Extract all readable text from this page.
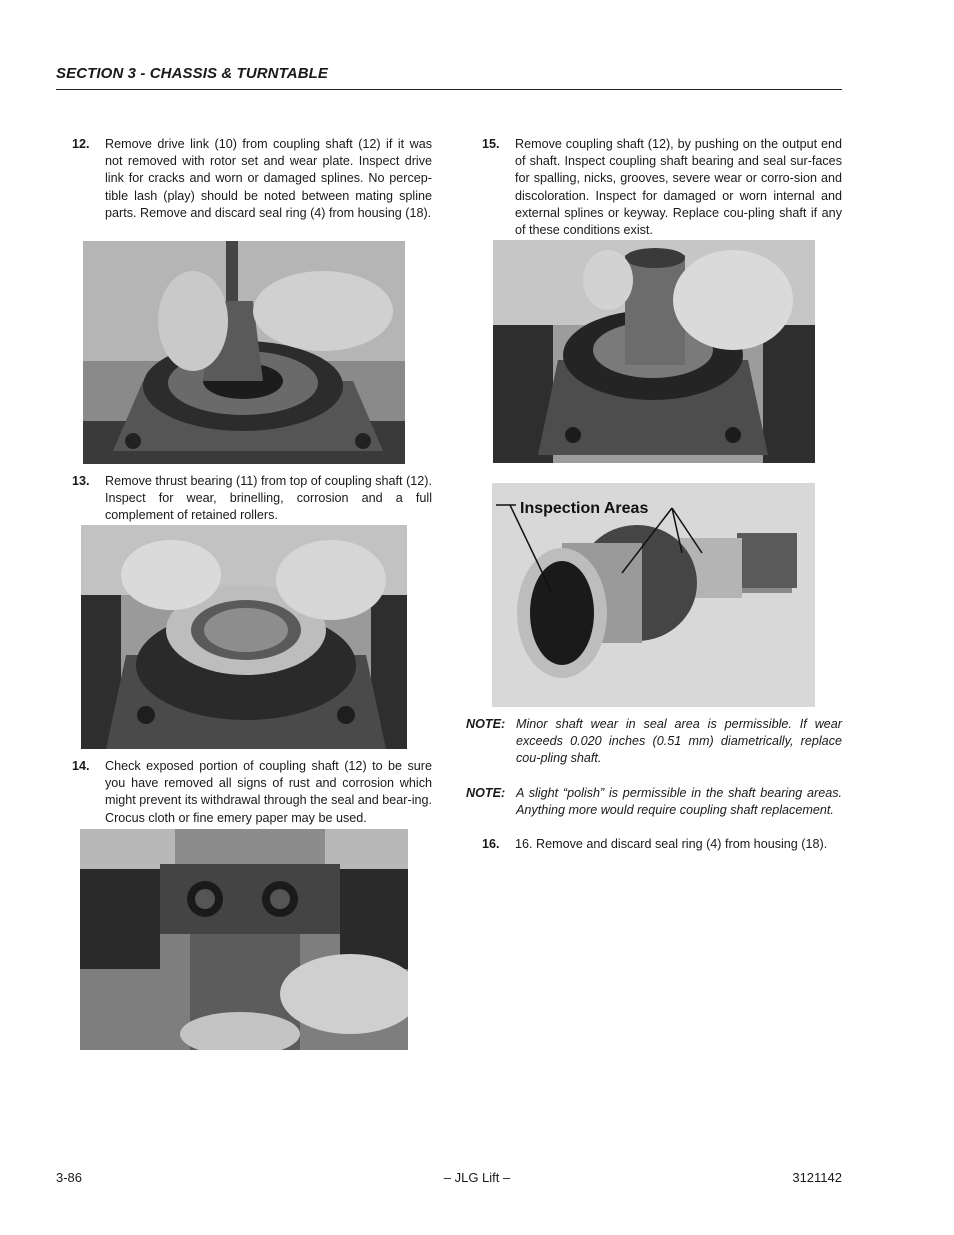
SECTION 3 - CHASSIS & TURNTABLE
12. Remove drive link (10) from coupling shaft (12) if it was not removed with rotor set and wear plate. Inspect drive link for cracks and worn or damaged splines. No percep-tible lash (play) should be noted between mating spline parts. Remove and discard seal ring (4) from housing (18).
13. Remove thrust bearing (11) from top of coupling shaft (12). Inspect for wear, brinelling, corrosion and a full complement of retained rollers.
14. Check exposed portion of coupling shaft (12) to be sure you have removed all signs of rust and corrosion which might prevent its withdrawal through the seal and bear-ing. Crocus cloth or fine emery paper may be used.
15. Remove coupling shaft (12), by pushing on the output end of shaft. Inspect coupling shaft bearing and seal sur-faces for spalling, nicks, grooves, severe wear or corro-sion and discoloration. Inspect for damaged or worn internal and external splines or keyway. Replace cou-pling shaft if any of these conditions exist.
Inspection Areas
NOTE: Minor shaft wear in seal area is permissible. If wear exceeds 0.020 inches (0.51 mm) diametrically, replace cou-pling shaft.
NOTE: A slight “polish” is permissible in the shaft bearing areas. Anything more would require coupling shaft replacement.
16. 16. Remove and discard seal ring (4) from housing (18).
3-86	– JLG Lift –	3121142
